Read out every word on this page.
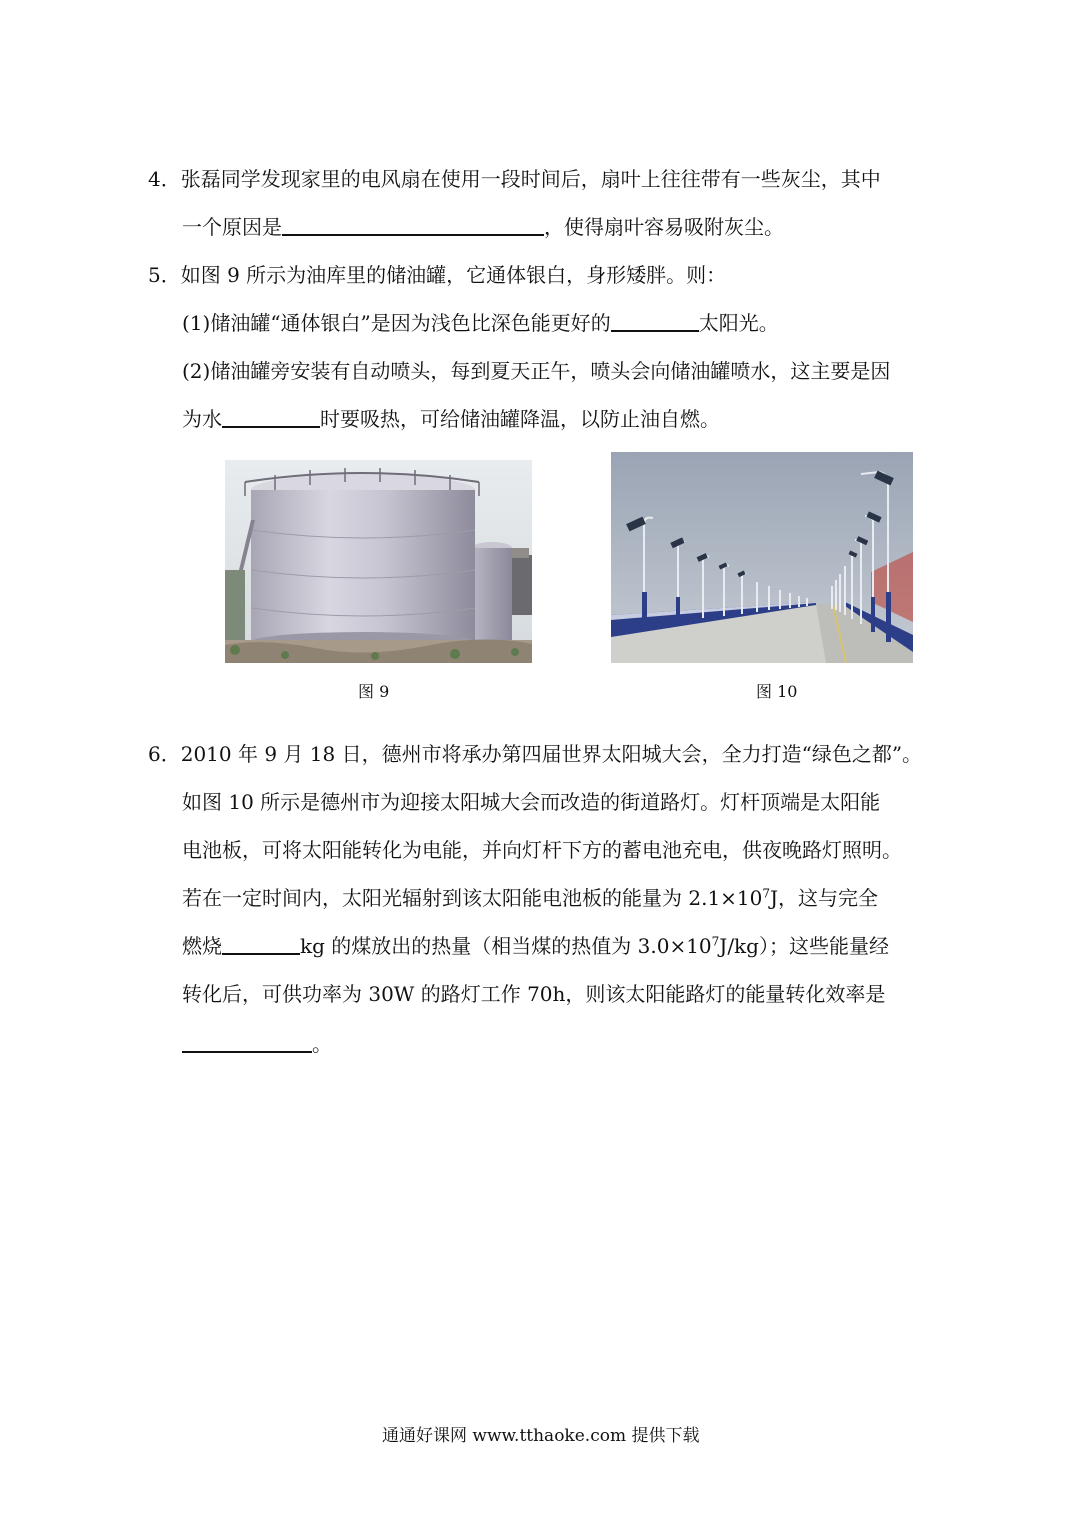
4．张磊同学发现家里的电风扇在使用一段时间后，扇叶上往往带有一些灰尘，其中
一个原因是	，使得扇叶容易吸附灰尘。
5．如图 9 所示为油库里的储油罐，它通体银白，身形矮胖。则：
(1)储油罐“通体银白”是因为浅色比深色能更好的	太阳光。
(2)储油罐旁安装有自动喷头，每到夏天正午，喷头会向储油罐喷水，这主要是因
为水	时要吸热，可给储油罐降温，以防止油自燃。
图 9	图 10
6．2010 年 9 月 18 日，德州市将承办第四届世界太阳城大会，全力打造“绿色之都”。
如图 10 所示是德州市为迎接太阳城大会而改造的街道路灯。灯杆顶端是太阳能
电池板，可将太阳能转化为电能，并向灯杆下方的蓄电池充电，供夜晚路灯照明。
若在一定时间内，太阳光辐射到该太阳能电池板的能量为 $2.1\times 10^7J$，这与完全
燃烧	kg 的煤放出的热量（相当煤的热值为 $3.0\times 10^7J/kg$）；这些能量经
转化后，可供功率为 30W 的路灯工作 70h，则该太阳能路灯的能量转化效率是
。
通通好课网 www.tthaoke.com 提供下载
